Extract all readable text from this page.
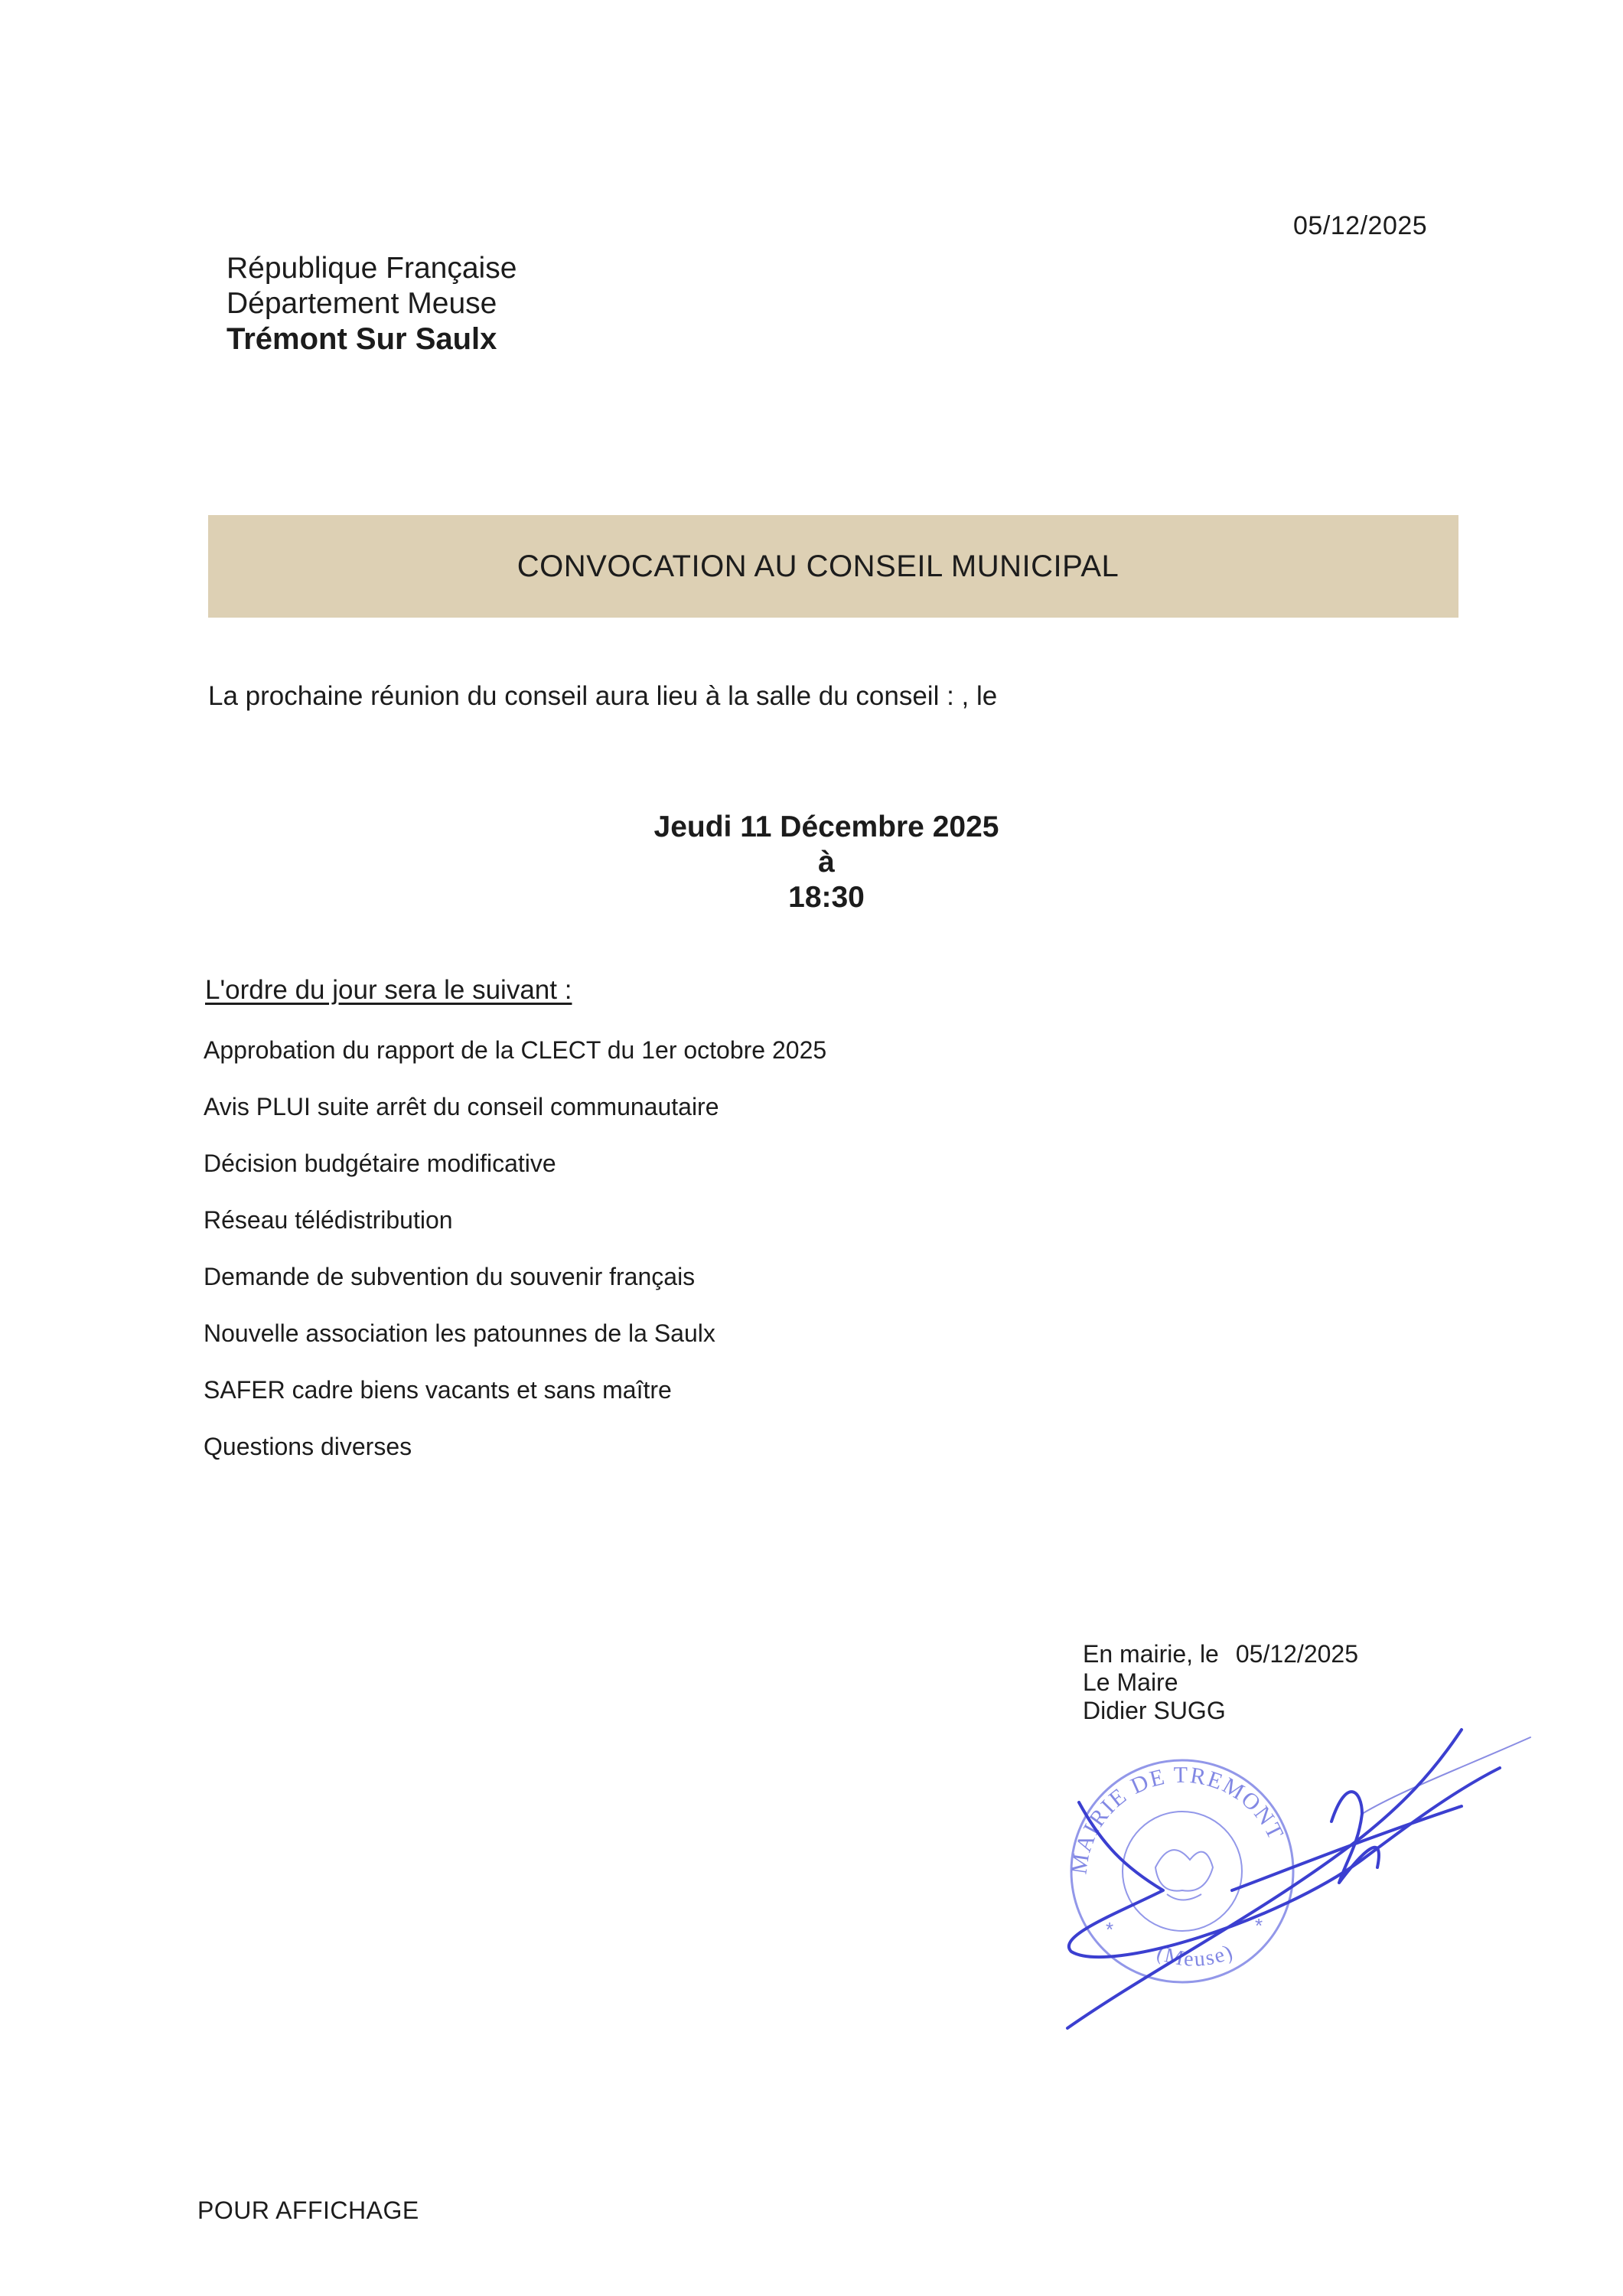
05/12/2025
République Française
Département Meuse
Trémont Sur Saulx
CONVOCATION AU CONSEIL MUNICIPAL
La prochaine réunion du conseil aura lieu à la salle du conseil : , le
Jeudi 11 Décembre 2025
à
18:30
L'ordre du jour sera le suivant :
Approbation du rapport de la CLECT du 1er octobre 2025
Avis PLUI suite arrêt du conseil communautaire
Décision budgétaire modificative
Réseau télédistribution
Demande de subvention du souvenir français
Nouvelle association les patounnes de la Saulx
SAFER cadre biens vacants et sans maître
Questions diverses
En mairie, le 05/12/2025
Le Maire
Didier SUGG
MAIRIE DE TREMONT
(Meuse)
*	*
POUR AFFICHAGE
